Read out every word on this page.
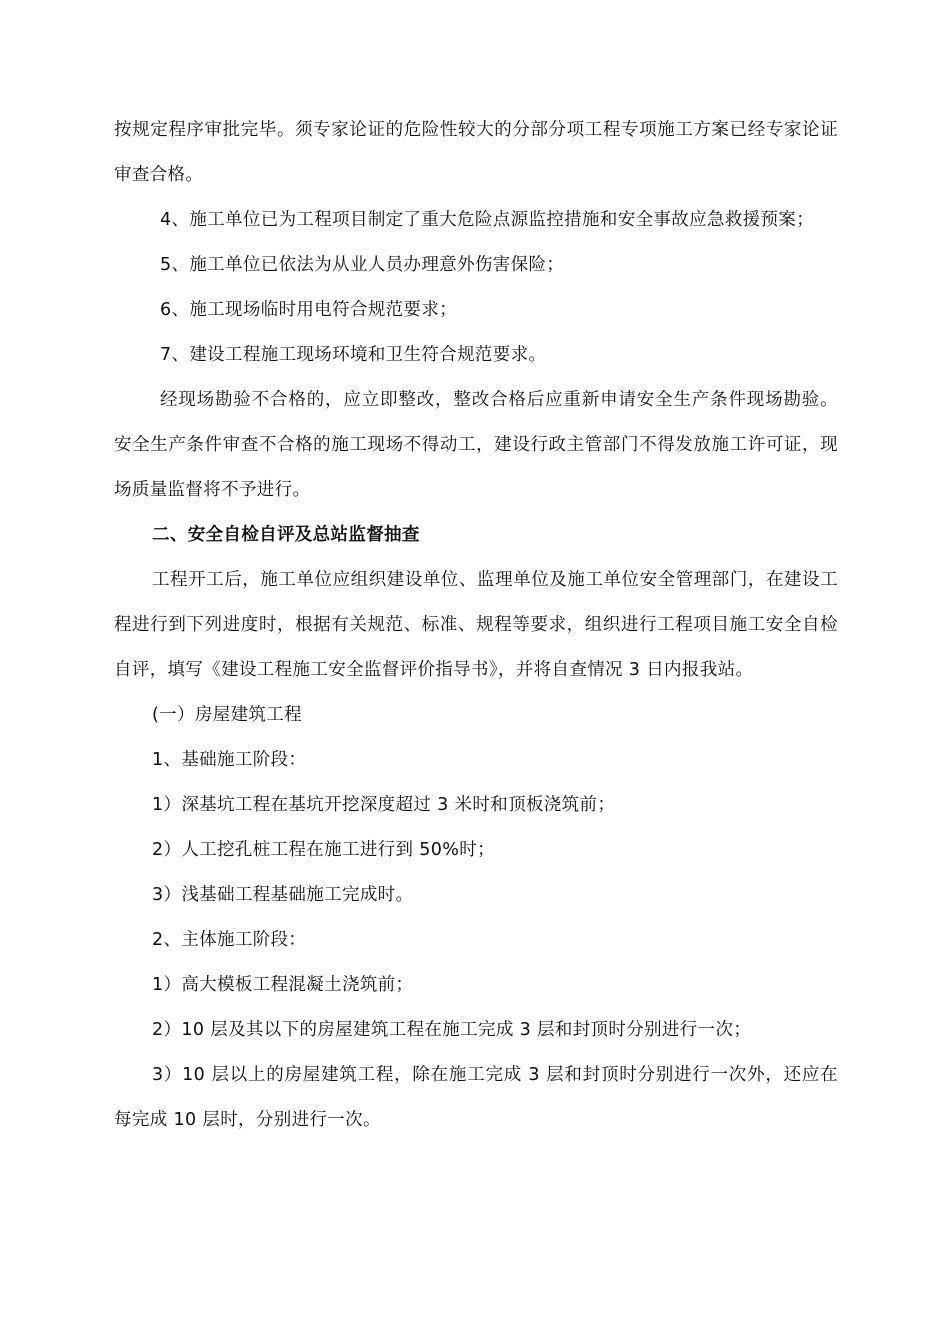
按规定程序审批完毕。须专家论证的危险性较大的分部分项工程专项施工方案已经专家论证审查合格。

4、施工单位已为工程项目制定了重大危险点源监控措施和安全事故应急救援预案；

5、施工单位已依法为从业人员办理意外伤害保险；

6、施工现场临时用电符合规范要求；

7、建设工程施工现场环境和卫生符合规范要求。

经现场勘验不合格的，应立即整改，整改合格后应重新申请安全生产条件现场勘验。安全生产条件审查不合格的施工现场不得动工，建设行政主管部门不得发放施工许可证，现场质量监督将不予进行。

二、安全自检自评及总站监督抽查

工程开工后，施工单位应组织建设单位、监理单位及施工单位安全管理部门，在建设工程进行到下列进度时，根据有关规范、标准、规程等要求，组织进行工程项目施工安全自检自评，填写《建设工程施工安全监督评价指导书》，并将自查情况 3 日内报我站。

(一）房屋建筑工程

1、基础施工阶段：

1）深基坑工程在基坑开挖深度超过 3 米时和顶板浇筑前；

2）人工挖孔桩工程在施工进行到 50%时；

3）浅基础工程基础施工完成时。

2、主体施工阶段：

1）高大模板工程混凝土浇筑前；

2）10 层及其以下的房屋建筑工程在施工完成 3 层和封顶时分别进行一次；

3）10 层以上的房屋建筑工程，除在施工完成 3 层和封顶时分别进行一次外，还应在每完成 10 层时，分别进行一次。
